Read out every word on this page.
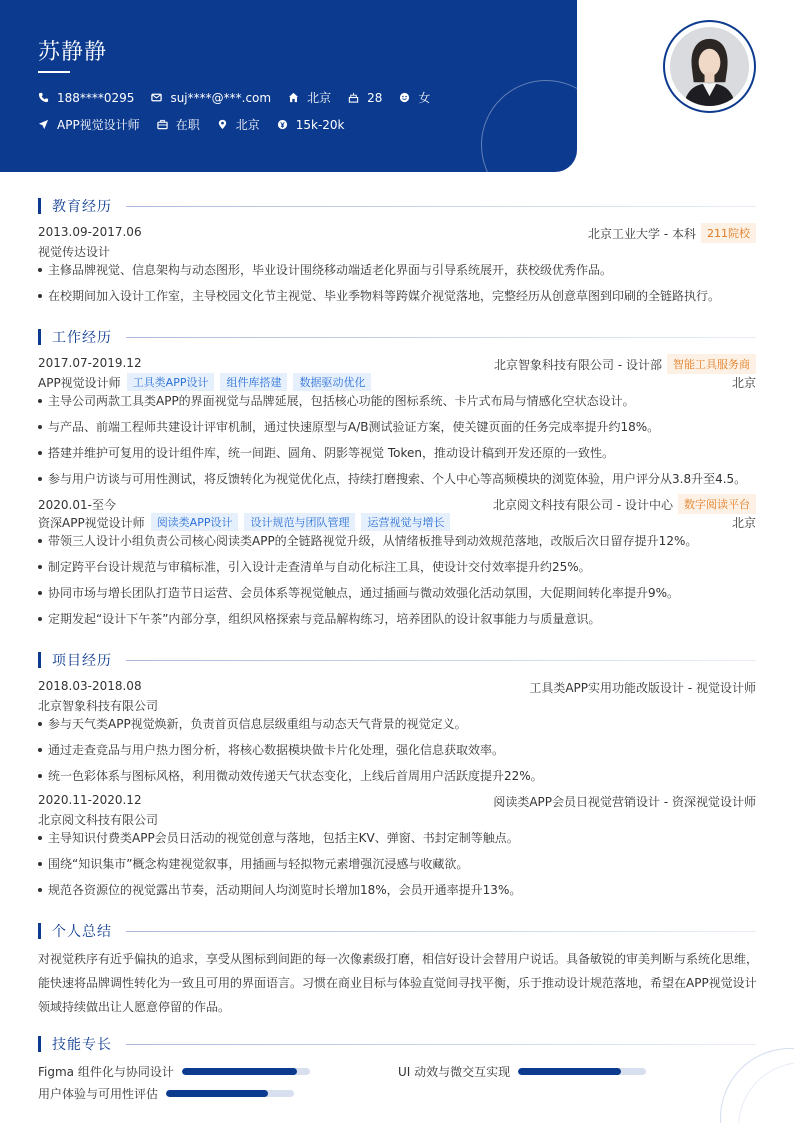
苏静静
188****0295	suj****@***.com	北京	28	女
APP视觉设计师	在职	北京	15k-20k
教育经历
2013.09-2017.06	北京工业大学 - 本科	211院校
视觉传达设计
主修品牌视觉、信息架构与动态图形，毕业设计围绕移动端适老化界面与引导系统展开，获校级优秀作品。
在校期间加入设计工作室，主导校园文化节主视觉、毕业季物料等跨媒介视觉落地，完整经历从创意草图到印刷的全链路执行。
工作经历
2017.07-2019.12	北京智象科技有限公司 - 设计部	智能工具服务商
APP视觉设计师	工具类APP设计	组件库搭建	数据驱动优化	北京
主导公司两款工具类APP的界面视觉与品牌延展，包括核心功能的图标系统、卡片式布局与情感化空状态设计。
与产品、前端工程师共建设计评审机制，通过快速原型与A/B测试验证方案，使关键页面的任务完成率提升约18%。
搭建并维护可复用的设计组件库，统一间距、圆角、阴影等视觉 Token，推动设计稿到开发还原的一致性。
参与用户访谈与可用性测试，将反馈转化为视觉优化点，持续打磨搜索、个人中心等高频模块的浏览体验，用户评分从3.8升至4.5。
2020.01-至今	北京阅文科技有限公司 - 设计中心	数字阅读平台
资深APP视觉设计师	阅读类APP设计	设计规范与团队管理	运营视觉与增长	北京
带领三人设计小组负责公司核心阅读类APP的全链路视觉升级，从情绪板推导到动效规范落地，改版后次日留存提升12%。
制定跨平台设计规范与审稿标准，引入设计走查清单与自动化标注工具，使设计交付效率提升约25%。
协同市场与增长团队打造节日运营、会员体系等视觉触点，通过插画与微动效强化活动氛围，大促期间转化率提升9%。
定期发起“设计下午茶”内部分享，组织风格探索与竞品解构练习，培养团队的设计叙事能力与质量意识。
项目经历
2018.03-2018.08	工具类APP实用功能改版设计 - 视觉设计师
北京智象科技有限公司
参与天气类APP视觉焕新，负责首页信息层级重组与动态天气背景的视觉定义。
通过走查竞品与用户热力图分析，将核心数据模块做卡片化处理，强化信息获取效率。
统一色彩体系与图标风格，利用微动效传递天气状态变化，上线后首周用户活跃度提升22%。
2020.11-2020.12	阅读类APP会员日视觉营销设计 - 资深视觉设计师
北京阅文科技有限公司
主导知识付费类APP会员日活动的视觉创意与落地，包括主KV、弹窗、书封定制等触点。
围绕“知识集市”概念构建视觉叙事，用插画与轻拟物元素增强沉浸感与收藏欲。
规范各资源位的视觉露出节奏，活动期间人均浏览时长增加18%，会员开通率提升13%。
个人总结
对视觉秩序有近乎偏执的追求，享受从图标到间距的每一次像素级打磨，相信好设计会替用户说话。具备敏锐的审美判断与系统化思维，能快速将品牌调性转化为一致且可用的界面语言。习惯在商业目标与体验直觉间寻找平衡，乐于推动设计规范落地，希望在APP视觉设计领域持续做出让人愿意停留的作品。
技能专长
Figma 组件化与协同设计	UI 动效与微交互实现
用户体验与可用性评估
